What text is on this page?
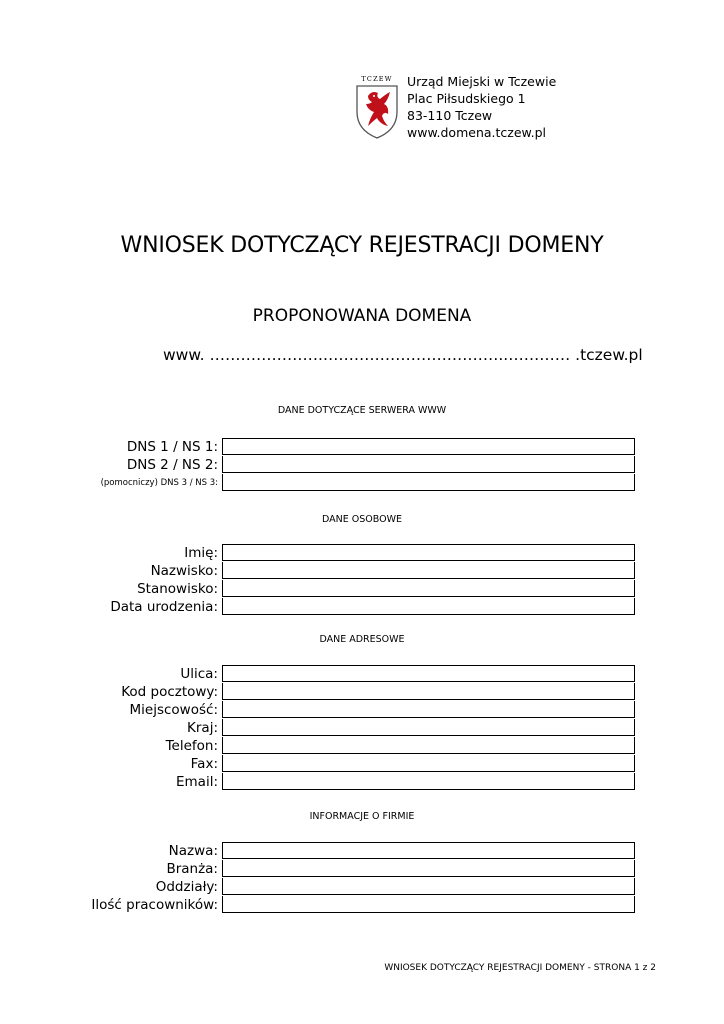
TCZEW Urząd Miejski w Tczewie
Plac Piłsudskiego 1
83-110 Tczew
www.domena.tczew.pl
WNIOSEK DOTYCZĄCY REJESTRACJI DOMENY
PROPONOWANA DOMENA
www. ………………….…………………….………..………… .tczew.pl
DANE DOTYCZĄCE SERWERA WWW
DNS 1 / NS 1:
DNS 2 / NS 2:
(pomocniczy) DNS 3 / NS 3:
DANE OSOBOWE
Imię:
Nazwisko:
Stanowisko:
Data urodzenia:
DANE ADRESOWE
Ulica:
Kod pocztowy:
Miejscowość:
Kraj:
Telefon:
Fax:
Email:
INFORMACJE O FIRMIE
Nazwa:
Branża:
Oddziały:
Ilość pracowników:
WNIOSEK DOTYCZĄCY REJESTRACJI DOMENY - STRONA 1 z 2
